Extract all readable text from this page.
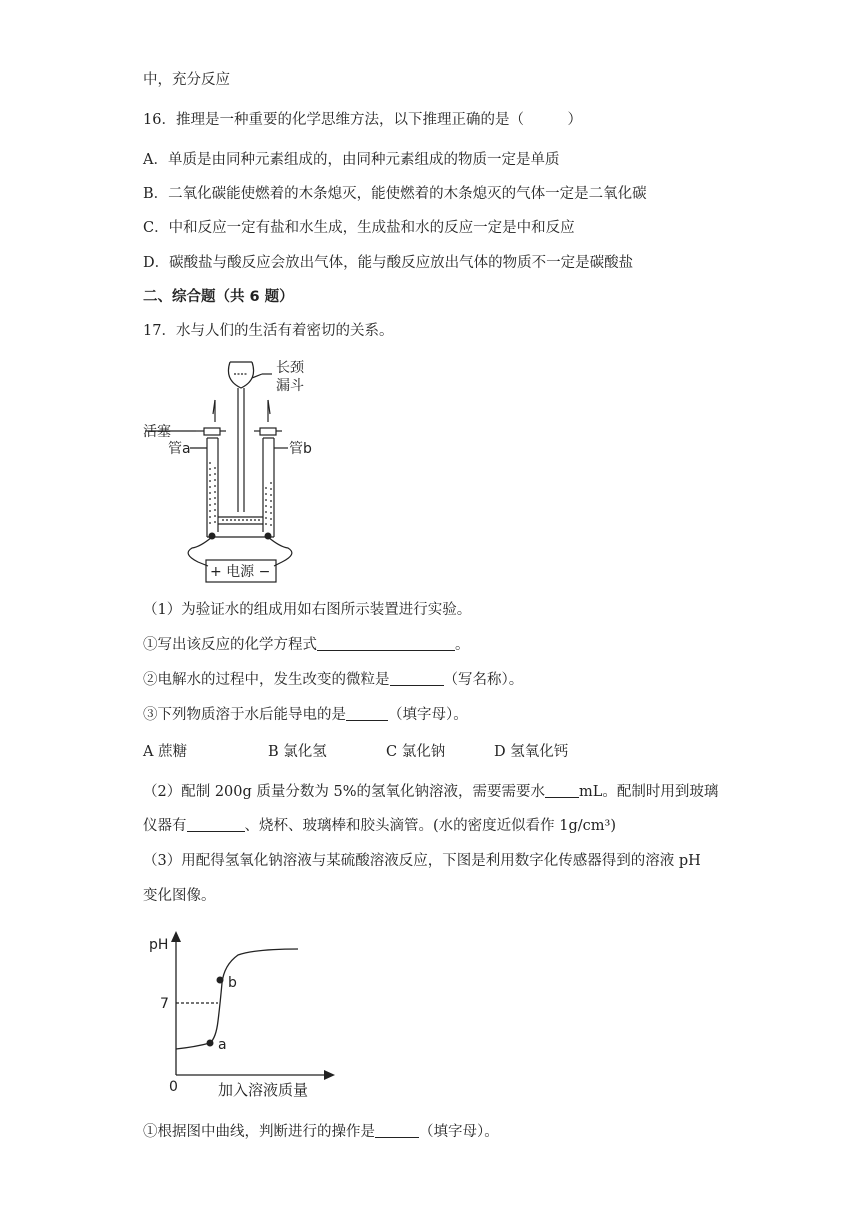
中，充分反应
16．推理是一种重要的化学思维方法，以下推理正确的是（　　　）
A．单质是由同种元素组成的，由同种元素组成的物质一定是单质
B．二氧化碳能使燃着的木条熄灭，能使燃着的木条熄灭的气体一定是二氧化碳
C．中和反应一定有盐和水生成，生成盐和水的反应一定是中和反应
D．碳酸盐与酸反应会放出气体，能与酸反应放出气体的物质不一定是碳酸盐
二、综合题（共 6 题）
17．水与人们的生活有着密切的关系。
长颈
漏斗
活塞
管a	管b
+ 电源 −
（1）为验证水的组成用如右图所示装置进行实验。
①写出该反应的化学方程式	。
②电解水的过程中，发生改变的微粒是	（写名称）。
③下列物质溶于水后能导电的是	（填字母）。
A 蔗糖	B 氯化氢	C 氯化钠	D 氢氧化钙
（2）配制 200g 质量分数为 5%的氢氧化钠溶液，需要需要水 mL。配制时用到玻璃
仪器有	、烧杯、玻璃棒和胶头滴管。(水的密度近似看作 1g/cm³)
（3）用配得氢氧化钠溶液与某硫酸溶液反应，下图是利用数字化传感器得到的溶液 pH
变化图像。
pH
7
0	加入溶液质量
a
b
①根据图中曲线，判断进行的操作是	（填字母）。
